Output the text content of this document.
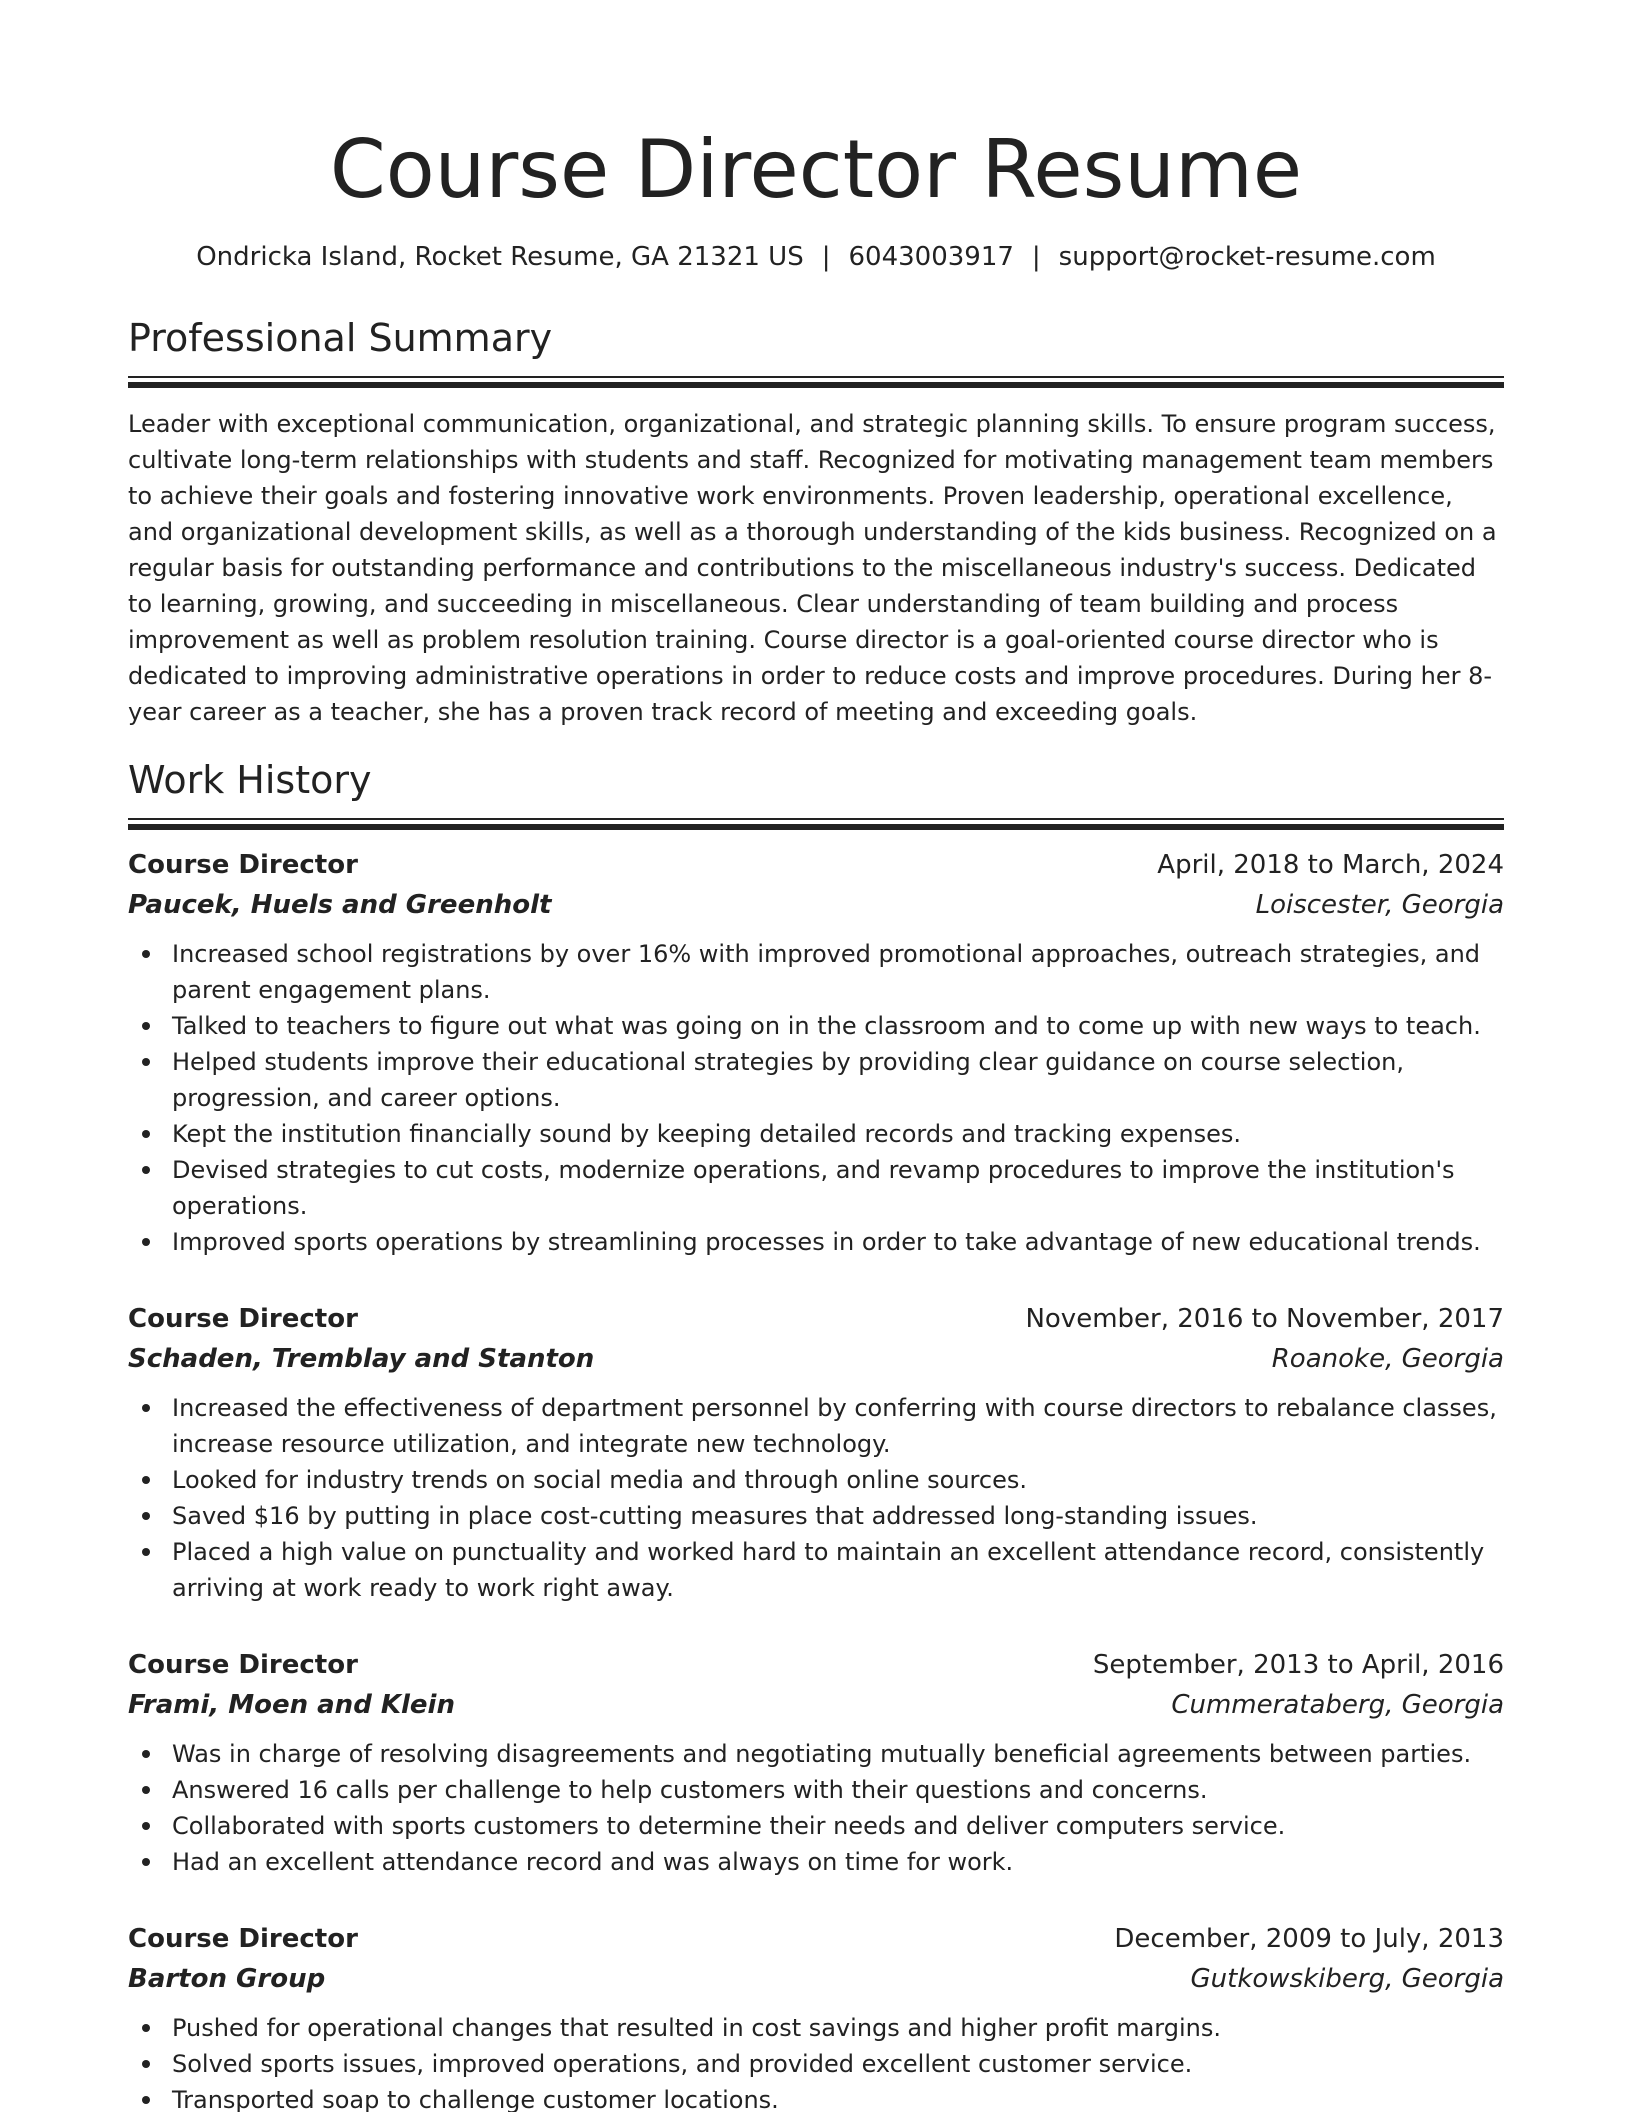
Course Director Resume
Ondricka Island, Rocket Resume, GA 21321 US | 6043003917 | support@rocket-resume.com
Professional Summary

Leader with exceptional communication, organizational, and strategic planning skills. To ensure program success, cultivate long-term relationships with students and staff. Recognized for motivating management team members to achieve their goals and fostering innovative work environments. Proven leadership, operational excellence, and organizational development skills, as well as a thorough understanding of the kids business. Recognized on a regular basis for outstanding performance and contributions to the miscellaneous industry's success. Dedicated to learning, growing, and succeeding in miscellaneous. Clear understanding of team building and process improvement as well as problem resolution training. Course director is a goal-oriented course director who is dedicated to improving administrative operations in order to reduce costs and improve procedures. During her 8-year career as a teacher, she has a proven track record of meeting and exceeding goals.

Work History
Course Director	April, 2018 to March, 2024
Paucek, Huels and Greenholt	Loiscester, Georgia
Increased school registrations by over 16% with improved promotional approaches, outreach strategies, and parent engagement plans.
Talked to teachers to figure out what was going on in the classroom and to come up with new ways to teach.
Helped students improve their educational strategies by providing clear guidance on course selection, progression, and career options.
Kept the institution financially sound by keeping detailed records and tracking expenses.
Devised strategies to cut costs, modernize operations, and revamp procedures to improve the institution's operations.
Improved sports operations by streamlining processes in order to take advantage of new educational trends.
Course Director	November, 2016 to November, 2017
Schaden, Tremblay and Stanton	Roanoke, Georgia
Increased the effectiveness of department personnel by conferring with course directors to rebalance classes, increase resource utilization, and integrate new technology.
Looked for industry trends on social media and through online sources.
Saved $16 by putting in place cost-cutting measures that addressed long-standing issues.
Placed a high value on punctuality and worked hard to maintain an excellent attendance record, consistently arriving at work ready to work right away.
Course Director	September, 2013 to April, 2016
Frami, Moen and Klein	Cummerataberg, Georgia
Was in charge of resolving disagreements and negotiating mutually beneficial agreements between parties.
Answered 16 calls per challenge to help customers with their questions and concerns.
Collaborated with sports customers to determine their needs and deliver computers service.
Had an excellent attendance record and was always on time for work.
Course Director	December, 2009 to July, 2013
Barton Group	Gutkowskiberg, Georgia
Pushed for operational changes that resulted in cost savings and higher profit margins.
Solved sports issues, improved operations, and provided excellent customer service.
Transported soap to challenge customer locations.
